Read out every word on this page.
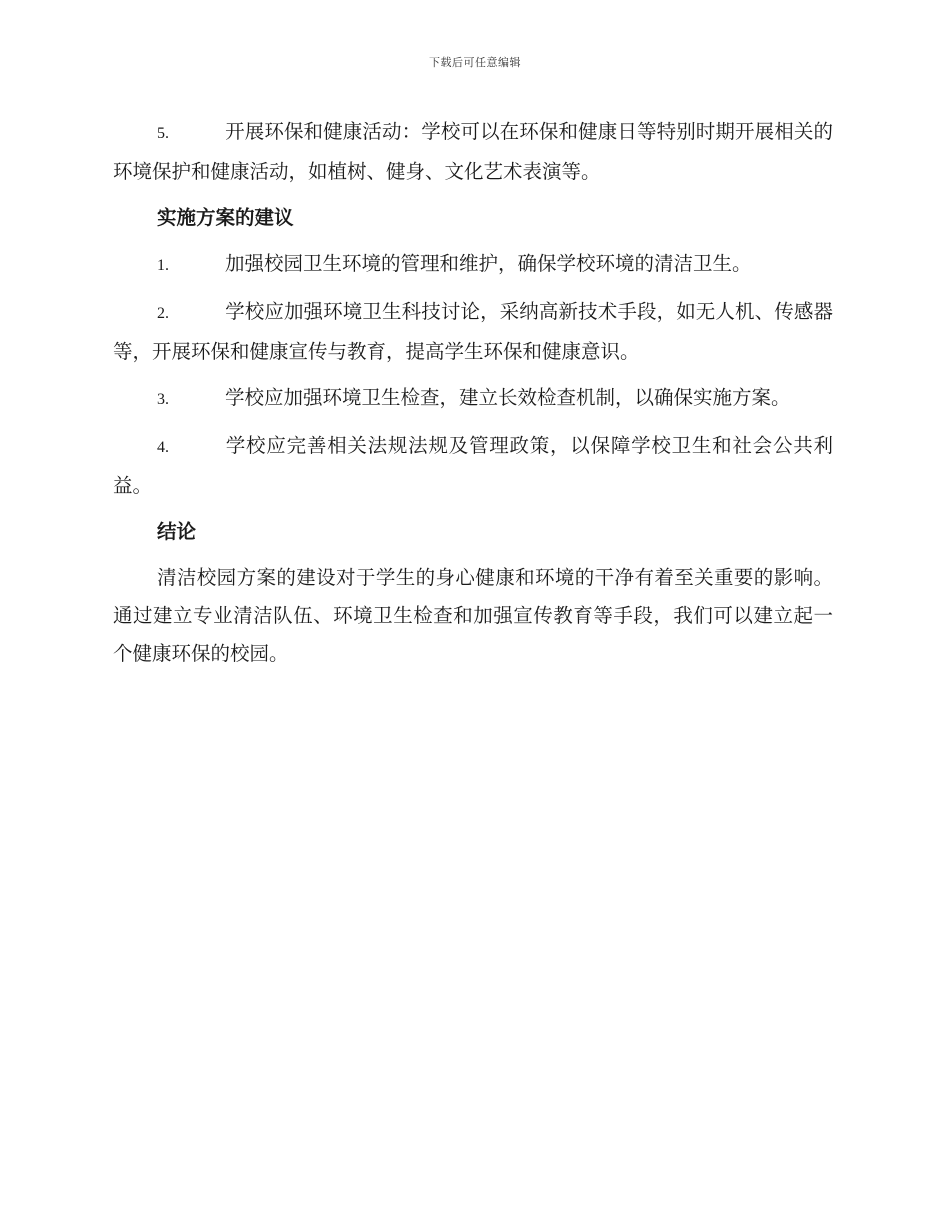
下载后可任意编辑

5.	开展环保和健康活动：学校可以在环保和健康日等特别时期开展相关的环境保护和健康活动，如植树、健身、文化艺术表演等。

实施方案的建议

1.	加强校园卫生环境的管理和维护，确保学校环境的清洁卫生。

2.	学校应加强环境卫生科技讨论，采纳高新技术手段，如无人机、传感器等，开展环保和健康宣传与教育，提高学生环保和健康意识。

3.	学校应加强环境卫生检查，建立长效检查机制，以确保实施方案。

4.	学校应完善相关法规法规及管理政策，以保障学校卫生和社会公共利益。

结论

清洁校园方案的建设对于学生的身心健康和环境的干净有着至关重要的影响。通过建立专业清洁队伍、环境卫生检查和加强宣传教育等手段，我们可以建立起一个健康环保的校园。
